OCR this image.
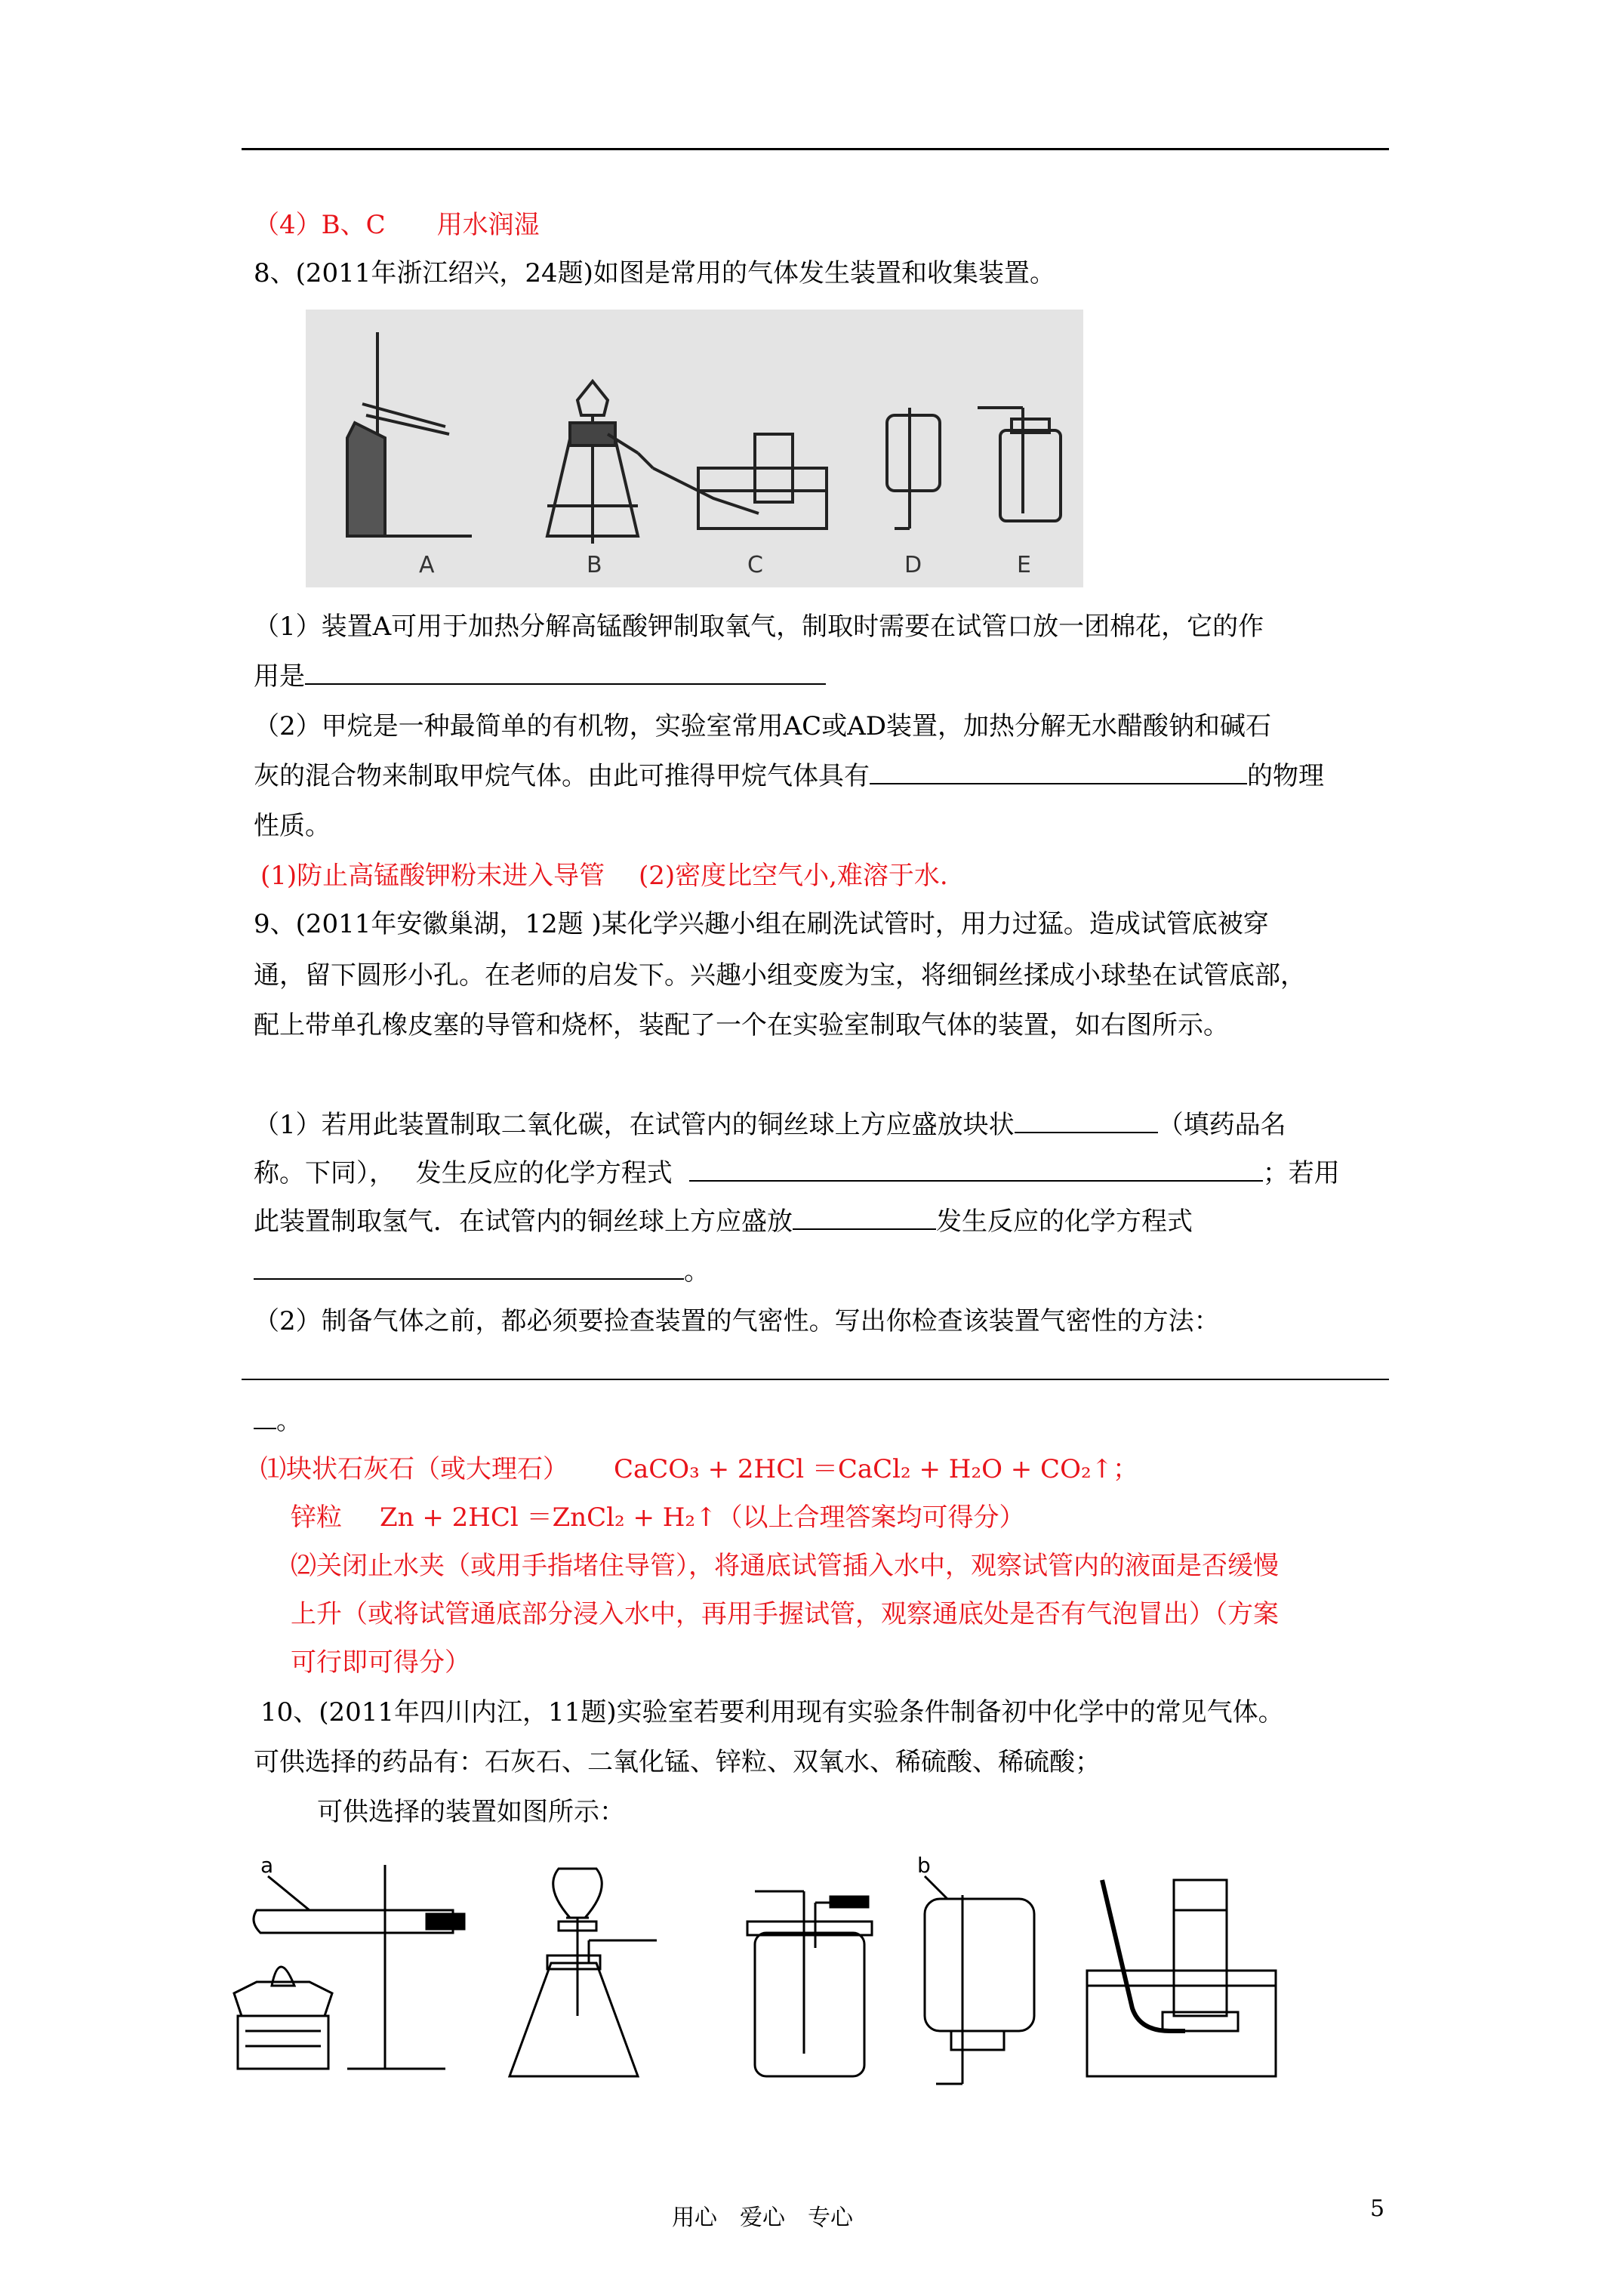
（4）B、C　　用水润湿
8、(2011年浙江绍兴，24题)如图是常用的气体发生装置和收集装置。
A	B	C	D	E
（1）装置A可用于加热分解高锰酸钾制取氧气，制取时需要在试管口放一团棉花，它的作
用是
（2）甲烷是一种最简单的有机物，实验室常用AC或AD装置，加热分解无水醋酸钠和碱石
灰的混合物来制取甲烷气体。由此可推得甲烷气体具有	的物理
性质。
(1)防止高锰酸钾粉末进入导管　 (2)密度比空气小,难溶于水.
9、(2011年安徽巢湖，12题 )某化学兴趣小组在刷洗试管时，用力过猛。造成试管底被穿
通，留下圆形小孔。在老师的启发下。兴趣小组变废为宝，将细铜丝揉成小球垫在试管底部，
配上带单孔橡皮塞的导管和烧杯，装配了一个在实验室制取气体的装置，如右图所示。
（1）若用此装置制取二氧化碳，在试管内的铜丝球上方应盛放块状	（填药品名
称。下同），　 发生反应的化学方程式	；若用
此装置制取氢气．在试管内的铜丝球上方应盛放	发生反应的化学方程式
。
（2）制备气体之前，都必须要捡查装置的气密性。写出你检查该装置气密性的方法：
。
⑴块状石灰石（或大理石） CaCO₃ + 2HCl ＝CaCl₂ + H₂O + CO₂↑；
锌粒 Zn + 2HCl ＝ZnCl₂ + H₂↑（以上合理答案均可得分）
⑵关闭止水夹（或用手指堵住导管），将通底试管插入水中，观察试管内的液面是否缓慢
上升（或将试管通底部分浸入水中，再用手握试管，观察通底处是否有气泡冒出）（方案
可行即可得分）
10、(2011年四川内江，11题)实验室若要利用现有实验条件制备初中化学中的常见气体。
可供选择的药品有：石灰石、二氧化锰、锌粒、双氧水、稀硫酸、稀硫酸；
可供选择的装置如图所示：
a	b
用心　爱心　专心	5
